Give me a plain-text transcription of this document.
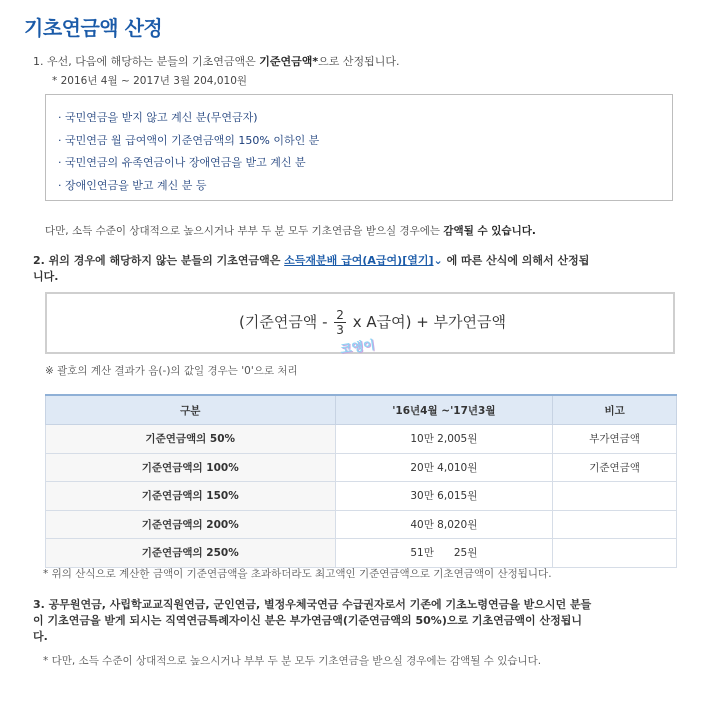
기초연금액 산정
1. 우선, 다음에 해당하는 분들의 기초연금액은 기준연금액*으로 산정됩니다.
* 2016년 4월 ~ 2017년 3월 204,010원
· 국민연금을 받지 않고 계신 분(무연금자)
· 국민연금 월 급여액이 기준연금액의 150% 이하인 분
· 국민연금의 유족연금이나 장애연금을 받고 계신 분
· 장애인연금을 받고 계신 분 등
다만, 소득 수준이 상대적으로 높으시거나 부부 두 분 모두 기초연금을 받으실 경우에는 감액될 수 있습니다.
2. 위의 경우에 해당하지 않는 분들의 기초연금액은 소득재분배 급여(A급여)[열기]⌄ 에 따른 산식에 의해서 산정됩
니다.
(기준연금액 - $\frac{2}{3}$ x A급여) + 부가연금액
코앵이
※ 괄호의 계산 결과가 음(-)의 값일 경우는 '0'으로 처리
구분	'16년4월 ~'17년3월	비고
기준연금액의 50%	10만 2,005원	부가연금액
기준연금액의 100%	20만 4,010원	기준연금액
기준연금액의 150%	30만 6,015원	
기준연금액의 200%	40만 8,020원	
기준연금액의 250%	51만      25원	
* 위의 산식으로 계산한 금액이 기준연금액을 초과하더라도 최고액인 기준연금액으로 기초연금액이 산정됩니다.
3. 공무원연금, 사립학교교직원연금, 군인연금, 별정우체국연금 수급권자로서 기존에 기초노령연금을 받으시던 분들
이 기초연금을 받게 되시는 직역연금특례자이신 분은 부가연금액(기준연금액의 50%)으로 기초연금액이 산정됩니
다.
* 다만, 소득 수준이 상대적으로 높으시거나 부부 두 분 모두 기초연금을 받으실 경우에는 감액될 수 있습니다.
